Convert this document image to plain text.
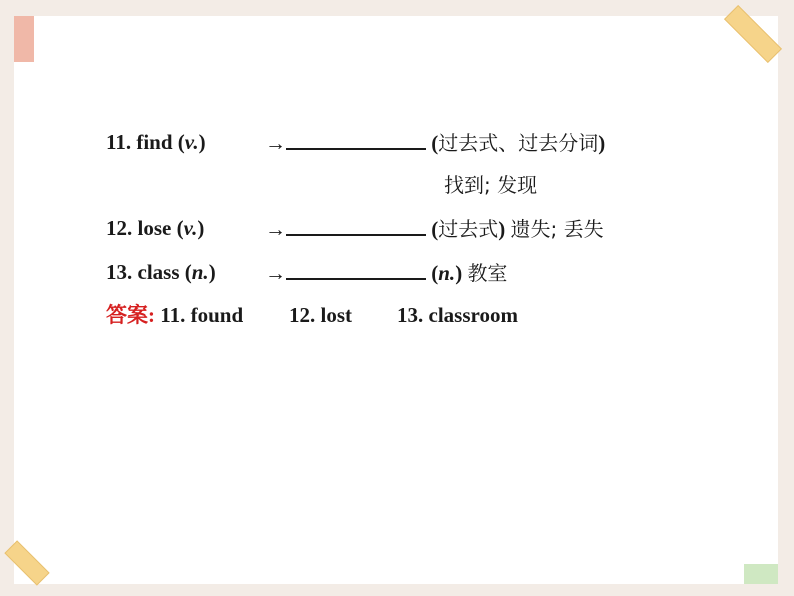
11. find (v.)	→	(过去式、过去分词)
找到; 发现
12. lose (v.)	→	(过去式) 遗失; 丢失
13. class (n.) →	(n.) 教室
答案: 11. found 12. lost 13. classroom
